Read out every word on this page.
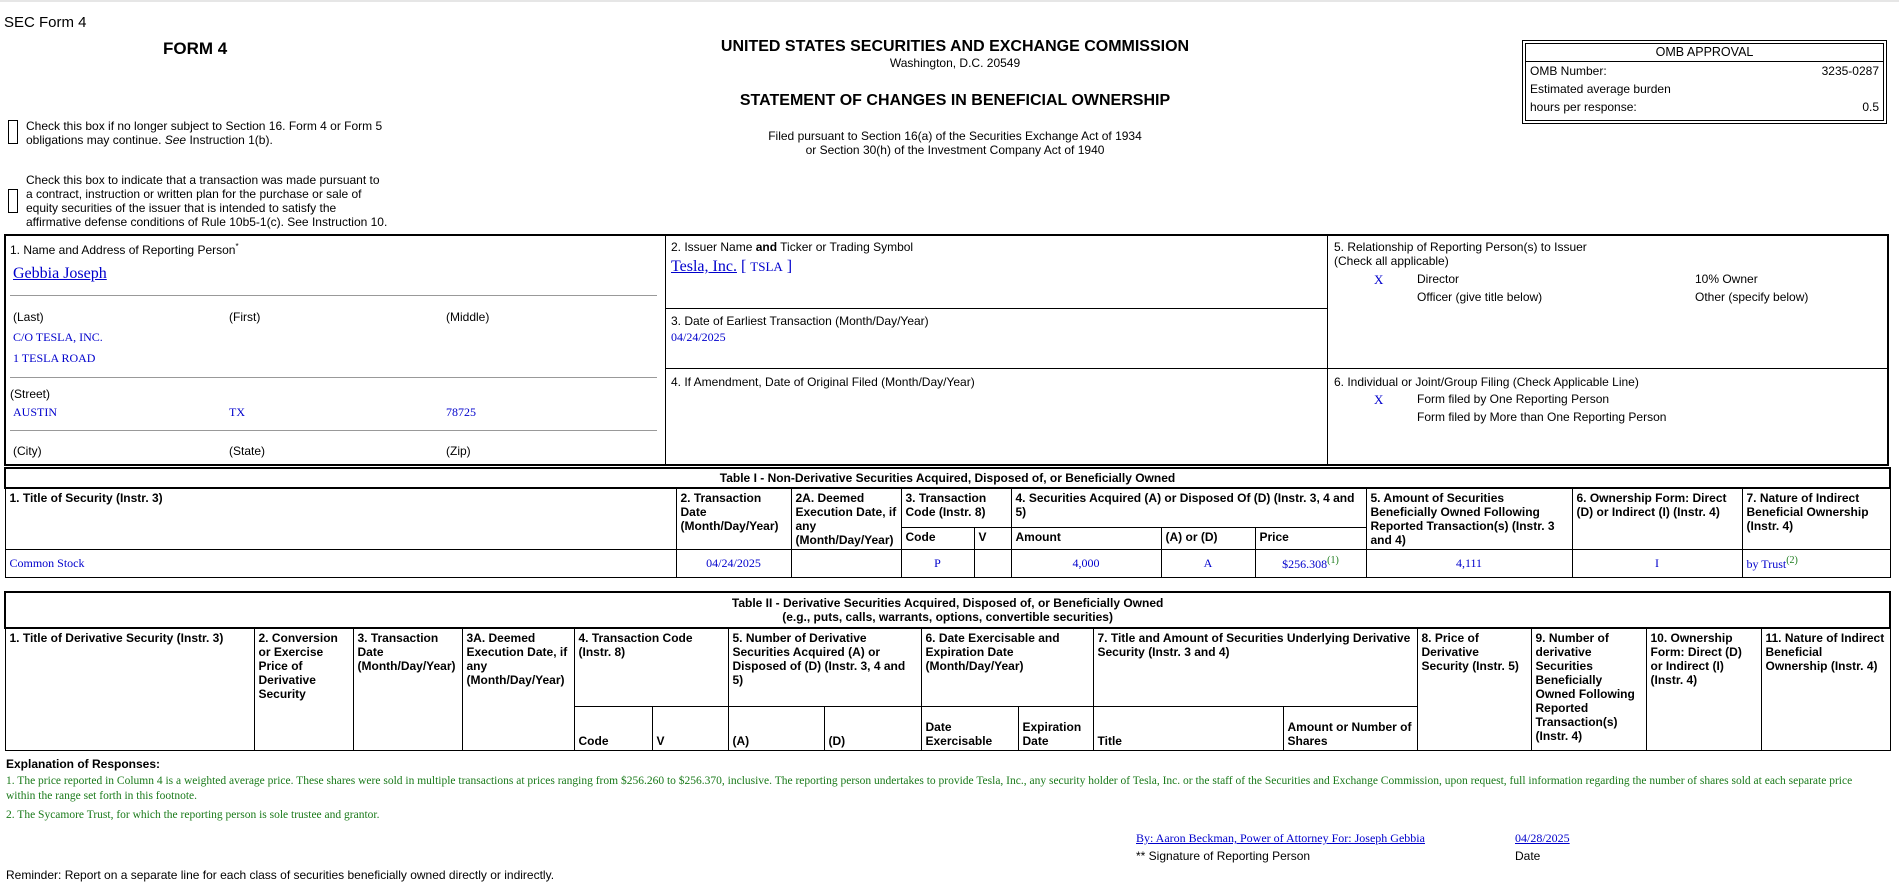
SEC Form 4
FORM 4	UNITED STATES SECURITIES AND EXCHANGE COMMISSION
Washington, D.C. 20549
STATEMENT OF CHANGES IN BENEFICIAL OWNERSHIP
Filed pursuant to Section 16(a) of the Securities Exchange Act of 1934
or Section 30(h) of the Investment Company Act of 1940
OMB APPROVAL
OMB Number:	3235-0287
Estimated average burden
hours per response:	0.5
Check this box if no longer subject to Section 16. Form 4 or Form 5
obligations may continue. See Instruction 1(b).
Check this box to indicate that a transaction was made pursuant to
a contract, instruction or written plan for the purchase or sale of
equity securities of the issuer that is intended to satisfy the
affirmative defense conditions of Rule 10b5-1(c). See Instruction 10.
1. Name and Address of Reporting Person*
Gebbia Joseph
(Last)	(First)	(Middle)
C/O TESLA, INC.
1 TESLA ROAD
(Street)
AUSTIN	TX	78725
(City)	(State)	(Zip)
2. Issuer Name and Ticker or Trading Symbol
Tesla, Inc. [ TSLA ]
3. Date of Earliest Transaction (Month/Day/Year)
04/24/2025
4. If Amendment, Date of Original Filed (Month/Day/Year)
5. Relationship of Reporting Person(s) to Issuer
(Check all applicable)
X	Director	10% Owner
Officer (give title below)	Other (specify below)
6. Individual or Joint/Group Filing (Check Applicable Line)
X	Form filed by One Reporting Person
Form filed by More than One Reporting Person
Table I - Non-Derivative Securities Acquired, Disposed of, or Beneficially Owned										
1. Title of Security (Instr. 3)	2. Transaction Date (Month/Day/Year)	2A. Deemed Execution Date, if any (Month/Day/Year)	3. Transaction Code (Instr. 8)		4. Securities Acquired (A) or Disposed Of (D) (Instr. 3, 4 and 5)			5. Amount of Securities Beneficially Owned Following Reported Transaction(s) (Instr. 3 and 4)	6. Ownership Form: Direct (D) or Indirect (I) (Instr. 4)	7. Nature of Indirect Beneficial Ownership (Instr. 4)
			Code	V	Amount	(A) or (D)	Price			
Common Stock	04/24/2025		P		4,000	A	$256.308$^{(1)}$	4,111	I	by Trust$^{(2)}$
Table II - Derivative Securities Acquired, Disposed of, or Beneficially Owned
(e.g., puts, calls, warrants, options, convertible securities)															

1. Title of Derivative Security (Instr. 3)	2. Conversion or Exercise Price of Derivative Security	3. Transaction Date (Month/Day/Year)	3A. Deemed Execution Date, if any (Month/Day/Year)	4. Transaction Code (Instr. 8)		5. Number of Derivative Securities Acquired (A) or Disposed of (D) (Instr. 3, 4 and 5)		6. Date Exercisable and Expiration Date (Month/Day/Year)		7. Title and Amount of Securities Underlying Derivative Security (Instr. 3 and 4)		8. Price of Derivative Security (Instr. 5)	9. Number of derivative Securities Beneficially Owned Following Reported Transaction(s) (Instr. 4)	10. Ownership Form: Direct (D) or Indirect (I) (Instr. 4)	11. Nature of Indirect Beneficial Ownership (Instr. 4)
				Code	V	(A)	(D)	Date Exercisable	Expiration Date	Title	Amount or Number of Shares				
Explanation of Responses:
1. The price reported in Column 4 is a weighted average price. These shares were sold in multiple transactions at prices ranging from $256.260 to $256.370, inclusive. The reporting person undertakes to provide Tesla, Inc., any security holder of Tesla, Inc. or the staff of the Securities and Exchange Commission, upon request, full information regarding the number of shares sold at each separate price within the range set forth in this footnote.
2. The Sycamore Trust, for which the reporting person is sole trustee and grantor.
By: Aaron Beckman, Power of Attorney For: Joseph Gebbia	04/28/2025
** Signature of Reporting Person	Date
Reminder: Report on a separate line for each class of securities beneficially owned directly or indirectly.
